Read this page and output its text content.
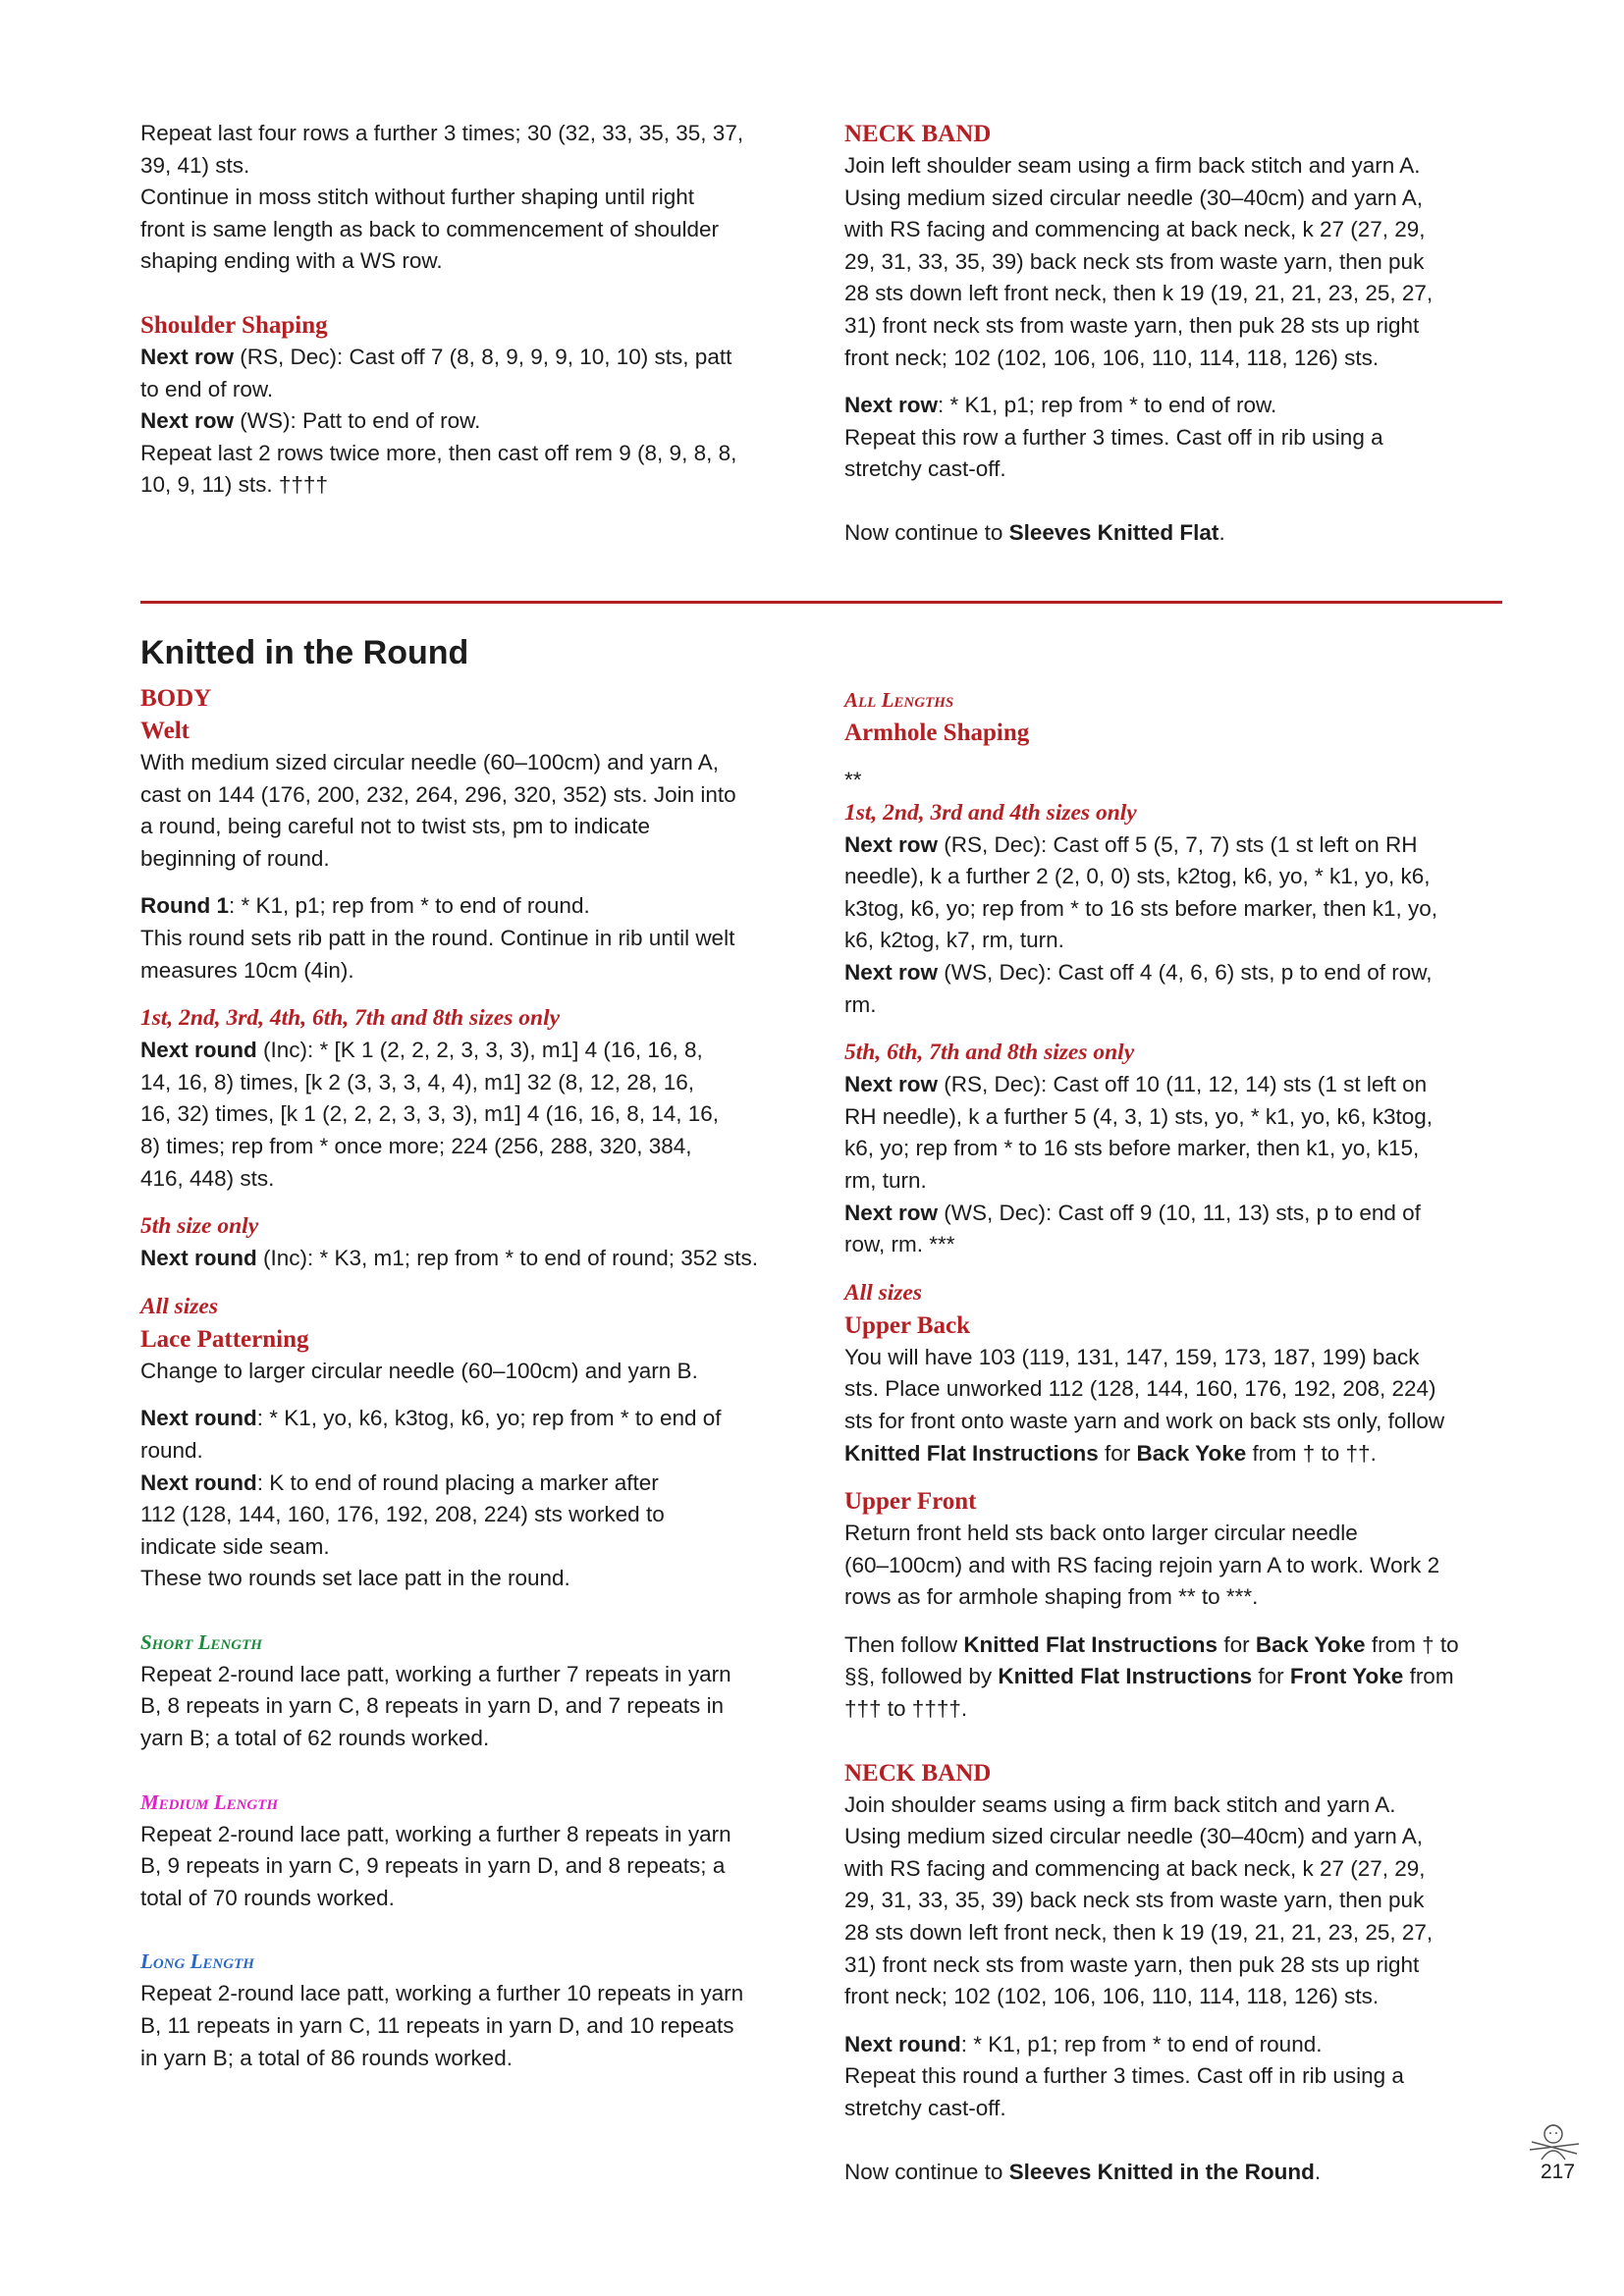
Repeat last four rows a further 3 times; 30 (32, 33, 35, 35, 37,

39, 41) sts.

Continue in moss stitch without further shaping until right

front is same length as back to commencement of shoulder

shaping ending with a WS row.

Shoulder Shaping

Next row (RS, Dec): Cast off 7 (8, 8, 9, 9, 9, 10, 10) sts, patt

to end of row.

Next row (WS): Patt to end of row.

Repeat last 2 rows twice more, then cast off rem 9 (8, 9, 8, 8,

10, 9, 11) sts. ††††

NECK BAND

Join left shoulder seam using a firm back stitch and yarn A.

Using medium sized circular needle (30–40cm) and yarn A,

with RS facing and commencing at back neck, k 27 (27, 29,

29, 31, 33, 35, 39) back neck sts from waste yarn, then puk

28 sts down left front neck, then k 19 (19, 21, 21, 23, 25, 27,

31) front neck sts from waste yarn, then puk 28 sts up right

front neck; 102 (102, 106, 106, 110, 114, 118, 126) sts.

Next row: * K1, p1; rep from * to end of row.

Repeat this row a further 3 times. Cast off in rib using a

stretchy cast-off.

Now continue to Sleeves Knitted Flat.

Knitted in the Round

BODY

Welt

With medium sized circular needle (60–100cm) and yarn A,

cast on 144 (176, 200, 232, 264, 296, 320, 352) sts. Join into

a round, being careful not to twist sts, pm to indicate

beginning of round.

Round 1: * K1, p1; rep from * to end of round.

This round sets rib patt in the round. Continue in rib until welt

measures 10cm (4in).

1st, 2nd, 3rd, 4th, 6th, 7th and 8th sizes only

Next round (Inc): * [K 1 (2, 2, 2, 3, 3, 3), m1] 4 (16, 16, 8,

14, 16, 8) times, [k 2 (3, 3, 3, 4, 4), m1] 32 (8, 12, 28, 16,

16, 32) times, [k 1 (2, 2, 2, 3, 3, 3), m1] 4 (16, 16, 8, 14, 16,

8) times; rep from * once more; 224 (256, 288, 320, 384,

416, 448) sts.

5th size only

Next round (Inc): * K3, m1; rep from * to end of round; 352 sts.

All sizes

Lace Patterning

Change to larger circular needle (60–100cm) and yarn B.

Next round: * K1, yo, k6, k3tog, k6, yo; rep from * to end of

round.

Next round: K to end of round placing a marker after

112 (128, 144, 160, 176, 192, 208, 224) sts worked to

indicate side seam.

These two rounds set lace patt in the round.

Short Length

Repeat 2-round lace patt, working a further 7 repeats in yarn

B, 8 repeats in yarn C, 8 repeats in yarn D, and 7 repeats in

yarn B; a total of 62 rounds worked.

Medium Length

Repeat 2-round lace patt, working a further 8 repeats in yarn

B, 9 repeats in yarn C, 9 repeats in yarn D, and 8 repeats; a

total of 70 rounds worked.

Long Length

Repeat 2-round lace patt, working a further 10 repeats in yarn

B, 11 repeats in yarn C, 11 repeats in yarn D, and 10 repeats

in yarn B; a total of 86 rounds worked.

All Lengths

Armhole Shaping

**

1st, 2nd, 3rd and 4th sizes only

Next row (RS, Dec): Cast off 5 (5, 7, 7) sts (1 st left on RH

needle), k a further 2 (2, 0, 0) sts, k2tog, k6, yo, * k1, yo, k6,

k3tog, k6, yo; rep from * to 16 sts before marker, then k1, yo,

k6, k2tog, k7, rm, turn.

Next row (WS, Dec): Cast off 4 (4, 6, 6) sts, p to end of row,

rm.

5th, 6th, 7th and 8th sizes only

Next row (RS, Dec): Cast off 10 (11, 12, 14) sts (1 st left on

RH needle), k a further 5 (4, 3, 1) sts, yo, * k1, yo, k6, k3tog,

k6, yo; rep from * to 16 sts before marker, then k1, yo, k15,

rm, turn.

Next row (WS, Dec): Cast off 9 (10, 11, 13) sts, p to end of

row, rm. ***

All sizes

Upper Back

You will have 103 (119, 131, 147, 159, 173, 187, 199) back

sts. Place unworked 112 (128, 144, 160, 176, 192, 208, 224)

sts for front onto waste yarn and work on back sts only, follow

Knitted Flat Instructions for Back Yoke from † to ††.

Upper Front

Return front held sts back onto larger circular needle

(60–100cm) and with RS facing rejoin yarn A to work. Work 2

rows as for armhole shaping from ** to ***.

Then follow Knitted Flat Instructions for Back Yoke from † to

§§, followed by Knitted Flat Instructions for Front Yoke from

††† to ††††.

NECK BAND

Join shoulder seams using a firm back stitch and yarn A.

Using medium sized circular needle (30–40cm) and yarn A,

with RS facing and commencing at back neck, k 27 (27, 29,

29, 31, 33, 35, 39) back neck sts from waste yarn, then puk

28 sts down left front neck, then k 19 (19, 21, 21, 23, 25, 27,

31) front neck sts from waste yarn, then puk 28 sts up right

front neck; 102 (102, 106, 106, 110, 114, 118, 126) sts.

Next round: * K1, p1; rep from * to end of round.

Repeat this round a further 3 times. Cast off in rib using a

stretchy cast-off.

Now continue to Sleeves Knitted in the Round.	217
